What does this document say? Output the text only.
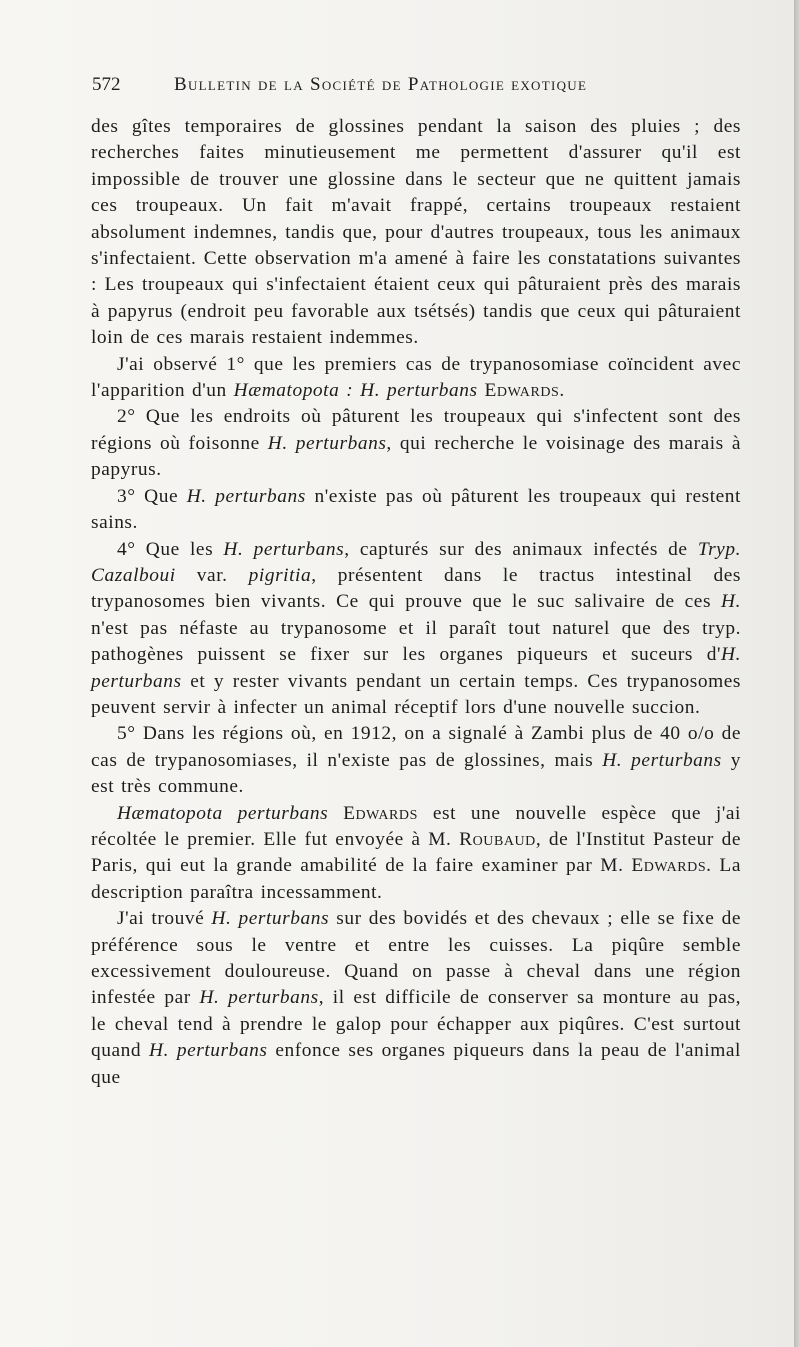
572	Bulletin de la Société de Pathologie exotique

des gîtes temporaires de glossines pendant la saison des pluies ; des recherches faites minutieusement me permettent d'assurer qu'il est impossible de trouver une glossine dans le secteur que ne quittent jamais ces troupeaux. Un fait m'avait frappé, certains troupeaux restaient absolument indemnes, tandis que, pour d'autres troupeaux, tous les animaux s'infectaient. Cette observation m'a amené à faire les constatations suivantes : Les troupeaux qui s'infectaient étaient ceux qui pâturaient près des marais à papyrus (endroit peu favorable aux tsétsés) tandis que ceux qui pâturaient loin de ces marais restaient indemmes.

J'ai observé 1° que les premiers cas de trypanosomiase coïncident avec l'apparition d'un Hæmatopota : H. perturbans Edwards.

2° Que les endroits où pâturent les troupeaux qui s'infectent sont des régions où foisonne H. perturbans, qui recherche le voisinage des marais à papyrus.

3° Que H. perturbans n'existe pas où pâturent les troupeaux qui restent sains.

4° Que les H. perturbans, capturés sur des animaux infectés de Tryp. Cazalboui var. pigritia, présentent dans le tractus intestinal des trypanosomes bien vivants. Ce qui prouve que le suc salivaire de ces H. n'est pas néfaste au trypanosome et il paraît tout naturel que des tryp. pathogènes puissent se fixer sur les organes piqueurs et suceurs d'H. perturbans et y rester vivants pendant un certain temps. Ces trypanosomes peuvent servir à infecter un animal réceptif lors d'une nouvelle succion.

5° Dans les régions où, en 1912, on a signalé à Zambi plus de 40 o/o de cas de trypanosomiases, il n'existe pas de glossines, mais H. perturbans y est très commune.

Hæmatopota perturbans Edwards est une nouvelle espèce que j'ai récoltée le premier. Elle fut envoyée à M. Roubaud, de l'Institut Pasteur de Paris, qui eut la grande amabilité de la faire examiner par M. Edwards. La description paraîtra incessamment.

J'ai trouvé H. perturbans sur des bovidés et des chevaux ; elle se fixe de préférence sous le ventre et entre les cuisses. La piqûre semble excessivement douloureuse. Quand on passe à cheval dans une région infestée par H. perturbans, il est difficile de conserver sa monture au pas, le cheval tend à prendre le galop pour échapper aux piqûres. C'est surtout quand H. perturbans enfonce ses organes piqueurs dans la peau de l'animal que
